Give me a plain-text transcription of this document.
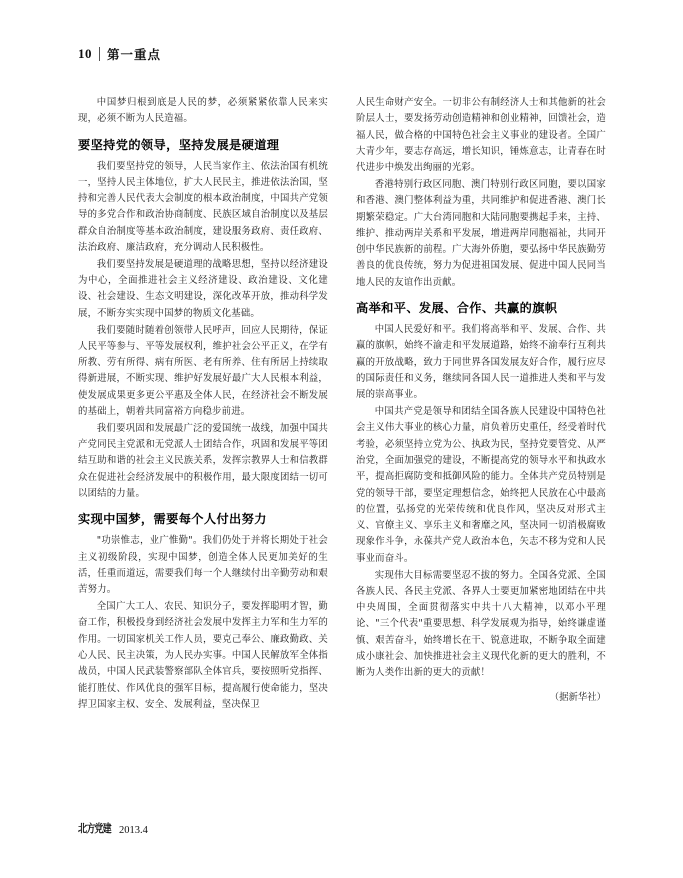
10	第一重点

中国梦归根到底是人民的梦，必须紧紧依靠人民来实现，必须不断为人民造福。

要坚持党的领导，坚持发展是硬道理

我们要坚持党的领导，人民当家作主、依法治国有机统一，坚持人民主体地位，扩大人民民主，推进依法治国，坚持和完善人民代表大会制度的根本政治制度，中国共产党领导的多党合作和政治协商制度、民族区域自治制度以及基层群众自治制度等基本政治制度，建设服务政府、责任政府、法治政府、廉洁政府，充分调动人民积极性。

我们要坚持发展是硬道理的战略思想，坚持以经济建设为中心，全面推进社会主义经济建设、政治建设、文化建设、社会建设、生态文明建设，深化改革开放，推动科学发展，不断夯实实现中国梦的物质文化基础。

我们要随时随着创领带人民呼声，回应人民期待，保证人民平等参与、平等发展权利，维护社会公平正义，在学有所教、劳有所得、病有所医、老有所养、住有所居上持续取得新进展，不断实现、维护好发展好最广大人民根本利益，使发展成果更多更公平惠及全体人民，在经济社会不断发展的基础上，朝着共同富裕方向稳步前进。

我们要巩固和发展最广泛的爱国统一战线，加强中国共产党同民主党派和无党派人士团结合作，巩固和发展平等团结互助和谐的社会主义民族关系，发挥宗教界人士和信教群众在促进社会经济发展中的积极作用，最大限度团结一切可以团结的力量。

实现中国梦，需要每个人付出努力

"功崇惟志，业广惟勤"。我们仍处于并将长期处于社会主义初级阶段，实现中国梦，创造全体人民更加美好的生活，任重而道远，需要我们每一个人继续付出辛勤劳动和艰苦努力。

全国广大工人、农民、知识分子，要发挥聪明才智，勤奋工作，积极投身到经济社会发展中发挥主力军和生力军的作用。一切国家机关工作人员，要克己奉公、廉政勤政、关心人民、民主决策，为人民办实事。中国人民解放军全体指战员，中国人民武装警察部队全体官兵，要按照听党指挥、能打胜仗、作风优良的强军目标，提高履行使命能力，坚决捍卫国家主权、安全、发展利益，坚决保卫

人民生命财产安全。一切非公有制经济人士和其他新的社会阶层人士，要发扬劳动创造精神和创业精神，回馈社会，造福人民，做合格的中国特色社会主义事业的建设者。全国广大青少年，要志存高远，增长知识，锤炼意志，让青春在时代进步中焕发出绚丽的光彩。

香港特别行政区同胞、澳门特别行政区同胞，要以国家和香港、澳门整体利益为重，共同维护和促进香港、澳门长期繁荣稳定。广大台湾同胞和大陆同胞要携起手来，主持、维护、推动两岸关系和平发展，增进两岸同胞福祉，共同开创中华民族新的前程。广大海外侨胞，要弘扬中华民族勤劳善良的优良传统，努力为促进祖国发展、促进中国人民同当地人民的友谊作出贡献。

高举和平、发展、合作、共赢的旗帜

中国人民爱好和平。我们将高举和平、发展、合作、共赢的旗帜，始终不渝走和平发展道路，始终不渝奉行互利共赢的开放战略，致力于同世界各国发展友好合作，履行应尽的国际责任和义务，继续同各国人民一道推进人类和平与发展的崇高事业。

中国共产党是领导和团结全国各族人民建设中国特色社会主义伟大事业的核心力量，肩负着历史重任，经受着时代考验，必须坚持立党为公、执政为民，坚持党要管党、从严治党，全面加强党的建设，不断提高党的领导水平和执政水平，提高拒腐防变和抵御风险的能力。全体共产党员特别是党的领导干部，要坚定理想信念，始终把人民放在心中最高的位置，弘扬党的光荣传统和优良作风，坚决反对形式主义、官僚主义、享乐主义和奢靡之风，坚决同一切消极腐败现象作斗争，永葆共产党人政治本色，矢志不移为党和人民事业而奋斗。

实现伟大目标需要坚忍不拔的努力。全国各党派、全国各族人民、各民主党派、各界人士要更加紧密地团结在中共中央周围，全面贯彻落实中共十八大精神，以邓小平理论、"三个代表"重要思想、科学发展观为指导，始终谦虚谨慎、艰苦奋斗，始终增长在干、锐意进取，不断争取全面建成小康社会、加快推进社会主义现代化新的更大的胜利，不断为人类作出新的更大的贡献！

（据新华社）
北方党建 2013.4
